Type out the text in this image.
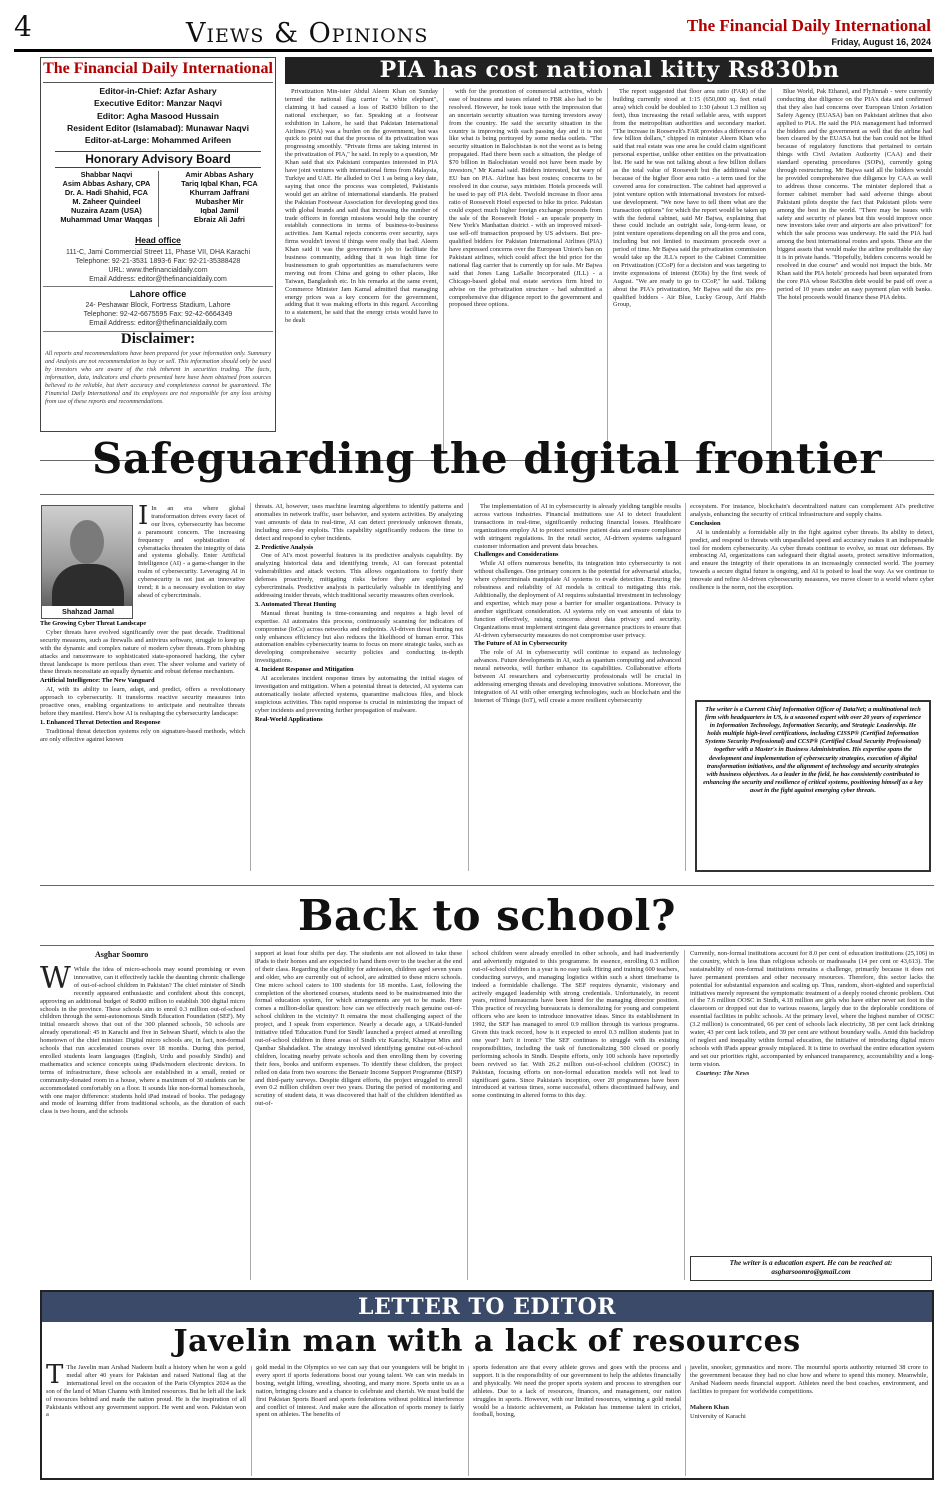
4	Views & Opinions	The Financial Daily International
Friday, August 16, 2024
The Financial Daily International
Editor-in-Chief: Azfar Ashary
Executive Editor: Manzar Naqvi
Editor: Agha Masood Hussain
Resident Editor (Islamabad): Munawar Naqvi
Editor-at-Large: Mohammed Arifeen
Honorary Advisory Board
Shabbar Naqvi	Amir Abbas Ashary
Asim Abbas Ashary, CPA	Tariq Iqbal Khan, FCA
Dr. A. Hadi Shahid, FCA	Khurram Jaffrani
M. Zaheer Quindeel	Mubasher Mir
Nuzaira Azam (USA)	Iqbal Jamil
Muhammad Umar Waqqas	Ebraiz Ali Jafri
Head office
111-C, Jami Commercial Street 11, Phase VII, DHA Karachi
Telephone: 92-21-3531 1893-6 Fax: 92-21-35388428
URL: www.thefinancialdaily.com
Email Address: editor@thefinancialdaily.com
Lahore office
24- Peshawar Block, Fortress Stadium, Lahore
Telephone: 92-42-6675595 Fax: 92-42-6664349
Email Address: editor@thefinancialdaily.com
Disclaimer:
All reports and recommendations have been prepared for your information only. Summary and Analysis are not recommendation to buy or sell. This information should only be used by investors who are aware of the risk inherent in securities trading. The facts, information, data, indicators and charts presented here have been obtained from sources believed to be reliable, but their accuracy and completeness cannot be guaranteed. The Financial Daily International and its employees are not responsible for any loss arising from use of these reports and recommendations.
PIA has cost national kitty Rs830bn

Privatization Min-ister Abdul Aleem Khan on Sunday termed the national flag carrier "a white elephant", claiming it had caused a loss of Rs830 billion to the national exchequer, so far. Speaking at a footwear exhibition in Lahore, he said that Pakistan International Airlines (PIA) was a burden on the government, but was quick to point out that the process of its privatization was progressing smoothly. "Private firms are taking interest in the privatization of PIA," he said. In reply to a question, Mr Khan said that six Pakistani companies interested in PIA have joint ventures with international firms from Malaysia, Turkiye and UAE. He alluded to Oct 1 as being a key date, saying that once the process was completed, Pakistanis would get an airline of international standards. He praised the Pakistan Footwear Association for developing good ties with global brands and said that increasing the number of trade officers in foreign missions would help the country establish connections in terms of business-to-business activities. Jam Kamal rejects concerns over security, says firms wouldn't invest if things were really that bad. Aleem Khan said it was the government's job to facilitate the business community, adding that it was high time for businessmen to grab opportunities as manufacturers were moving out from China and going to other places, like Taiwan, Bangladesh etc. In his remarks at the same event, Commerce Minister Jam Kamal admitted that managing energy prices was a key concern for the government, adding that it was making efforts in this regard. According to a statement, he said that the energy crisis would have to be dealt

with for the promotion of commercial activities, which ease of business and issues related to FBR also had to be resolved. However, he took issue with the impression that an uncertain security situation was turning investors away from the country. He said the security situation in the country is improving with each passing day and it is not like what is being portrayed by some media outlets. "The security situation in Balochistan is not the worst as is being propagated. Had there been such a situation, the pledge of $70 billion in Balochistan would not have been made by investors," Mr Kamal said. Bidders interested, but wary of EU ban on PIA. Airline has best routes; concerns to be resolved in due course, says minister. Hotels proceeds will be used to pay off PIA debt. Twofold increase in floor area ratio of Roosevelt Hotel expected to hike its price. Pakistan could expect much higher foreign exchange proceeds from the sale of the Roosevelt Hotel - an upscale property in New York's Manhattan district - with an improved mixed-use sell-off transaction proposed by US advisers. But pre-qualified bidders for Pakistan International Airlines (PIA) have expressed concerns over the European Union's ban on Pakistani airlines, which could affect the bid price for the national flag carrier that is currently up for sale. Mr Bajwa said that Jones Lang LaSalle Incorporated (JLL) - a Chicago-based global real estate services firm hired to advise on the privatization structure - had submitted a comprehensive due diligence report to the government and proposed three options.

The report suggested that floor area ratio (FAR) of the building currently stood at 1:15 (650,000 sq. feet retail area) which could be doubled to 1:30 (about 1.3 million sq feet), thus increasing the retail sellable area, with support from the metropolitan authorities and secondary market. "The increase in Roosevelt's FAR provides a difference of a few billion dollars," chipped in minister Aleem Khan who said that real estate was one area he could claim significant personal expertise, unlike other entities on the privatization list. He said he was not talking about a few billion dollars as the total value of Roosevelt but the additional value because of the higher floor area ratio - a term used for the covered area for construction. The cabinet had approved a joint venture option with international investors for mixed-use development. "We now have to tell them what are the transaction options" for which the report would be taken up with the federal cabinet, said Mr Bajwa, explaining that these could include an outright sale, long-term lease, or joint venture operations depending on all the pros and cons, including but not limited to maximum proceeds over a period of time. Mr Bajwa said the privatization commission would take up the JLL's report to the Cabinet Committee on Privatization (CCoP) for a decision and was targeting to invite expressions of interest (EOIs) by the first week of August. "We are ready to go to CCoP," he said. Talking about the PIA's privatization, Mr Bajwa said the six pre-qualified bidders - Air Blue, Lucky Group, Arif Habib Group,

Blue World, Pak Ethanol, and FlyJinnah - were currently conducting due diligence on the PIA's data and confirmed that they also had concerns over European Union Aviation Safety Agency (EUASA) ban on Pakistani airlines that also applied to PIA. He said the PIA management had informed the bidders and the government as well that the airline had been cleared by the EUASA but the ban could not be lifted because of regulatory functions that pertained to certain things with Civil Aviation Authority (CAA) and their standard operating procedures (SOPs), currently going through restructuring. Mr Bajwa said all the bidders would be provided comprehensive due diligence by CAA as well to address those concerns. The minister deplored that a former cabinet member had said adverse things about Pakistani pilots despite the fact that Pakistani pilots were among the best in the world. "There may be issues with safety and security of planes but this would improve once new investors take over and airports are also privatized" for which the sale process was underway. He said the PIA had among the best international routes and spots. These are the biggest assets that would make the airline profitable the day it is in private hands. "Hopefully, bidders concerns would be resolved in due course" and would not impact the bids. Mr Khan said the PIA hotels' proceeds had been separated from the core PIA whose Rs630bn debt would be paid off over a period of 10 years under an easy payment plan with banks. The hotel proceeds would finance these PIA debts.

Safeguarding the digital frontier
Shahzad Jamal
I In an era where global transformation drives every facet of our lives, cybersecurity has become a paramount concern. The increasing frequency and sophistication of cyberattacks threaten the integrity of data and systems globally. Enter Artificial Intelligence (AI) - a game-changer in the realm of cybersecurity. Leveraging AI in cybersecurity is not just an innovative trend; it is a necessary evolution to stay ahead of cybercriminals.

The Growing Cyber Threat Landscape

Cyber threats have evolved significantly over the past decade. Traditional security measures, such as firewalls and antivirus software, struggle to keep up with the dynamic and complex nature of modern cyber threats. From phishing attacks and ransomware to sophisticated state-sponsored hacking, the cyber threat landscape is more perilous than ever. The sheer volume and variety of these threats necessitate an equally dynamic and robust defense mechanism.

Artificial Intelligence: The New Vanguard

AI, with its ability to learn, adapt, and predict, offers a revolutionary approach to cybersecurity. It transforms reactive security measures into proactive ones, enabling organizations to anticipate and neutralize threats before they manifest. Here's how AI is reshaping the cybersecurity landscape:

1. Enhanced Threat Detection and Response

Traditional threat detection systems rely on signature-based methods, which are only effective against known

threats. AI, however, uses machine learning algorithms to identify patterns and anomalies in network traffic, user behavior, and system activities. By analyzing vast amounts of data in real-time, AI can detect previously unknown threats, including zero-day exploits. This capability significantly reduces the time to detect and respond to cyber incidents.

2. Predictive Analysis

One of AI's most powerful features is its predictive analysis capability. By analyzing historical data and identifying trends, AI can forecast potential vulnerabilities and attack vectors. This allows organizations to fortify their defenses proactively, mitigating risks before they are exploited by cybercriminals. Predictive analysis is particularly valuable in identifying and addressing insider threats, which traditional security measures often overlook.

3. Automated Threat Hunting

Manual threat hunting is time-consuming and requires a high level of expertise. AI automates this process, continuously scanning for indicators of compromise (IoCs) across networks and endpoints. AI-driven threat hunting not only enhances efficiency but also reduces the likelihood of human error. This automation enables cybersecurity teams to focus on more strategic tasks, such as developing comprehensive security policies and conducting in-depth investigations.

4. Incident Response and Mitigation

AI accelerates incident response times by automating the initial stages of investigation and mitigation. When a potential threat is detected, AI systems can automatically isolate affected systems, quarantine malicious files, and block suspicious activities. This rapid response is crucial in minimizing the impact of cyber incidents and preventing further propagation of malware.

Real-World Applications

The implementation of AI in cybersecurity is already yielding tangible results across various industries. Financial institutions use AI to detect fraudulent transactions in real-time, significantly reducing financial losses. Healthcare organizations employ AI to protect sensitive patient data and ensure compliance with stringent regulations. In the retail sector, AI-driven systems safeguard customer information and prevent data breaches.

Challenges and Considerations

While AI offers numerous benefits, its integration into cybersecurity is not without challenges. One primary concern is the potential for adversarial attacks, where cybercriminals manipulate AI systems to evade detection. Ensuring the robustness and reliability of AI models is critical to mitigating this risk. Additionally, the deployment of AI requires substantial investment in technology and expertise, which may pose a barrier for smaller organizations. Privacy is another significant consideration. AI systems rely on vast amounts of data to function effectively, raising concerns about data privacy and security. Organizations must implement stringent data governance practices to ensure that AI-driven cybersecurity measures do not compromise user privacy.

The Future of AI in Cybersecurity

The role of AI in cybersecurity will continue to expand as technology advances. Future developments in AI, such as quantum computing and advanced neural networks, will further enhance its capabilities. Collaborative efforts between AI researchers and cybersecurity professionals will be crucial in addressing emerging threats and developing innovative solutions. Moreover, the integration of AI with other emerging technologies, such as blockchain and the Internet of Things (IoT), will create a more resilient cybersecurity

ecosystem. For instance, blockchain's decentralized nature can complement AI's predictive analysis, enhancing the security of critical infrastructure and supply chains.

Conclusion

AI is undeniably a formidable ally in the fight against cyber threats. Its ability to detect, predict, and respond to threats with unparalleled speed and accuracy makes it an indispensable tool for modern cybersecurity. As cyber threats continue to evolve, so must our defenses. By embracing AI, organizations can safeguard their digital assets, protect sensitive information, and ensure the integrity of their operations in an increasingly connected world. The journey towards a secure digital future is ongoing, and AI is poised to lead the way. As we continue to innovate and refine AI-driven cybersecurity measures, we move closer to a world where cyber resilience is the norm, not the exception.

The writer is a Current Chief Information Officer of DataNet; a multinational tech firm with headquarters in US, is a seasoned expert with over 20 years of experience in Information Technology, Information Security, and Strategic Leadership. He holds multiple high-level certifications, including CISSP® (Certified Information Systems Security Professional) and CCSP® (Certified Cloud Security Professional) together with a Master's in Business Administration. His expertise spans the development and implementation of cybersecurity strategies, execution of digital transformation initiatives, and the alignment of technology and security strategies with business objectives. As a leader in the field, he has consistently contributed to enhancing the security and resilience of critical systems, positioning himself as a key asset in the fight against emerging cyber threats.
Back to school?
Asghar Soomro
W While the idea of micro-schools may sound promising or even innovative, can it effectively tackle the daunting chronic challenge of out-of-school children in Pakistan? The chief minister of Sindh recently appeared enthusiastic and confident about this concept, approving an additional budget of Rs800 million to establish 300 digital micro schools in the province. These schools aim to enrol 0.3 million out-of-school children through the semi-autonomous Sindh Education Foundation (SEF). My initial research shows that out of the 300 planned schools, 50 schools are already operational: 45 in Karachi and five in Sehwan Sharif, which is also the hometown of the chief minister. Digital micro schools are, in fact, non-formal schools that run accelerated courses over 18 months. During this period, enrolled students learn languages (English, Urdu and possibly Sindhi) and mathematics and science concepts using iPads/modern electronic devices. In terms of infrastructure, these schools are established in a small, rented or community-donated room in a house, where a maximum of 30 students can be accommodated comfortably on a floor. It sounds like non-formal homeschools, with one major difference: students hold iPad instead of books. The pedagogy and mode of learning differ from traditional schools, as the duration of each class is two hours, and the schools

support at least four shifts per day. The students are not allowed to take these iPads to their homes and are expected to hand them over to the teacher at the end of their class. Regarding the eligibility for admission, children aged seven years and older, who are currently out of school, are admitted to these micro schools. One micro school caters to 100 students for 18 months. Last, following the completion of the shortened courses, students need to be mainstreamed into the formal education system, for which arrangements are yet to be made. Here comes a million-dollar question: how can we effectively reach genuine out-of-school children in the vicinity? It remains the most challenging aspect of the project, and I speak from experience. Nearly a decade ago, a UKaid-funded initiative titled 'Education Fund for Sindh' launched a project aimed at enrolling out-of-school children in three areas of Sindh viz Karachi, Khairpur Mirs and Qambar Shahdadkot. The strategy involved identifying genuine out-of-school children, locating nearby private schools and then enrolling them by covering their fees, books and uniform expenses. To identify these children, the project relied on data from two sources: the Benazir Income Support Programme (BISP) and third-party surveys. Despite diligent efforts, the project struggled to enroll even 0.2 million children over two years. During the period of monitoring and scrutiny of student data, it was discovered that half of the children identified as out-of-

school children were already enrolled in other schools, and had inadvertently and advertently migrated to this programme. In essence, enrolling 0.3 million out-of-school children in a year is no easy task. Hiring and training 600 teachers, conducting surveys, and managing logistics within such a short timeframe is indeed a formidable challenge. The SEF requires dynamic, visionary and actively engaged leadership with strong credentials. Unfortunately, in recent years, retired bureaucrats have been hired for the managing director position. This practice of recycling bureaucrats is demoralizing for young and competent officers who are keen to introduce innovative ideas. Since its establishment in 1992, the SEF has managed to enrol 0.9 million through its various programs. Given this track record, how is it expected to enrol 0.3 million students just in one year? Isn't it ironic? The SEF continues to struggle with its existing responsibilities, including the task of functionalizing 500 closed or poorly performing schools in Sindh. Despite efforts, only 100 schools have reportedly been revived so far. With 26.2 million out-of-school children (OOSC) in Pakistan, focusing efforts on non-formal education models will not lead to significant gains. Since Pakistan's inception, over 20 programmes have been introduced at various times, some successful, others discontinued halfway, and some continuing in altered forms to this day.

Currently, non-formal institutions account for 8.0 per cent of education institutions (25,106) in the country, which is less than religious schools or madrassahs (14 per cent or 43,613). The sustainability of non-formal institutions remains a challenge, primarily because it does not have permanent premises and other necessary resources. Therefore, this sector lacks the potential for substantial expansion and scaling up. Thus, random, short-sighted and superficial initiatives merely represent the symptomatic treatment of a deeply rooted chronic problem. Out of the 7.6 million OOSC in Sindh, 4.18 million are girls who have either never set foot in the classroom or dropped out due to various reasons, largely due to the deplorable conditions of essential facilities in public schools. At the primary level, where the highest number of OOSC (3.2 million) is concentrated, 66 per cent of schools lack electricity, 38 per cent lack drinking water, 43 per cent lack toilets, and 39 per cent are without boundary walls. Amid this backdrop of neglect and inequality within formal education, the initiative of introducing digital micro schools with iPads appear grossly misplaced. It is time to overhaul the entire education system and set our priorities right, accompanied by enhanced transparency, accountability and a long-term vision.

Courtesy: The News

The writer is a education expert. He can be reached at: asgharsoomro@gmail.com
LETTER TO EDITOR
Javelin man with a lack of resources
T The Javelin man Arshad Nadeem built a history when he won a gold medal after 40 years for Pakistan and raised National flag at the international level on the occasion of the Paris Olympics 2024 as the son of the land of Mian Channu with limited resources. But he left all the lack of resources behind and made the nation proud. He is the inspiration of all Pakistanis without any government support. He went and won. Pakistan won a

gold medal in the Olympics so we can say that our youngsters will be bright in every sport if sports federations boost our young talent. We can win medals in boxing, weight lifting, wrestling, shooting, and many more. Sports unite us as a nation, bringing closure and a chance to celebrate and cherish. We must build the first Pakistan Sports Board and sports federations without political interference and conflict of interest. And make sure the allocation of sports money is fairly spent on athletes. The benefits of

sports federation are that every athlete grows and goes with the process and support. It is the responsibility of our government to help the athletes financially and physically. We need the proper sports system and process to strengthen our athletes. Due to a lack of resources, finances, and management, our nation struggles in sports. However, with our limited resources, winning a gold medal would be a historic achievement, as Pakistan has immense talent in cricket, football, boxing,

javelin, snooker, gymnastics and more. The mournful sports authority returned 38 crore to the government because they had no clue how and where to spend this money. Meanwhile, Arshad Nadeem needs financial support. Athletes need the best coaches, environment, and facilities to prepare for worldwide competitions.

Maheen Khan

University of Karachi
